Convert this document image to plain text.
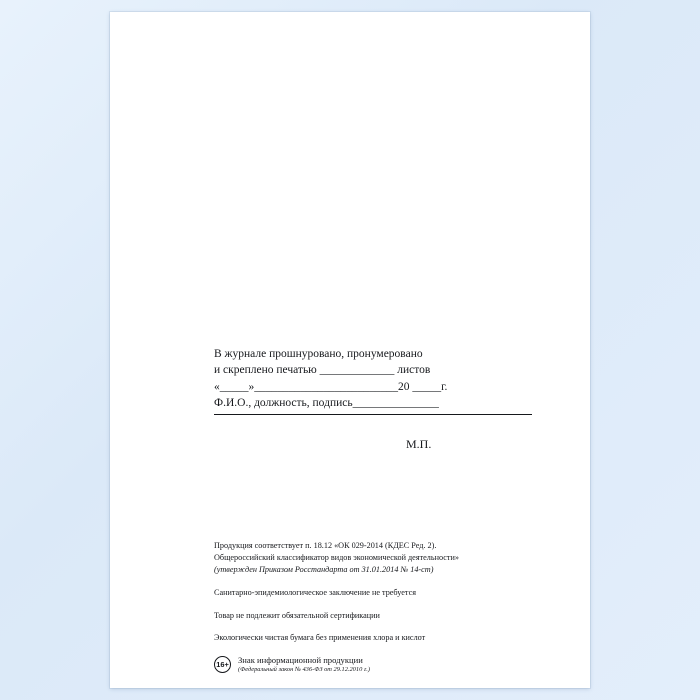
В журнале прошнуровано, пронумеровано
и скреплено печатью _____________ листов
«_____»_________________________20 _____г.
Ф.И.О., должность, подпись_______________
М.П.

Продукция соответствует п. 18.12 «ОК 029-2014 (КДЕС Ред. 2).

Общероссийский классификатор видов экономической деятельности»

(утвержден Приказом Росстандарта от 31.01.2014 № 14-ст)

Санитарно-эпидемиологическое заключение не требуется

Товар не подлежит обязательной сертификации

Экологически чистая бумага без применения хлора и кислот

16+ Знак информационной продукции
(Федеральный закон № 436-ФЗ от 29.12.2010 г.)
